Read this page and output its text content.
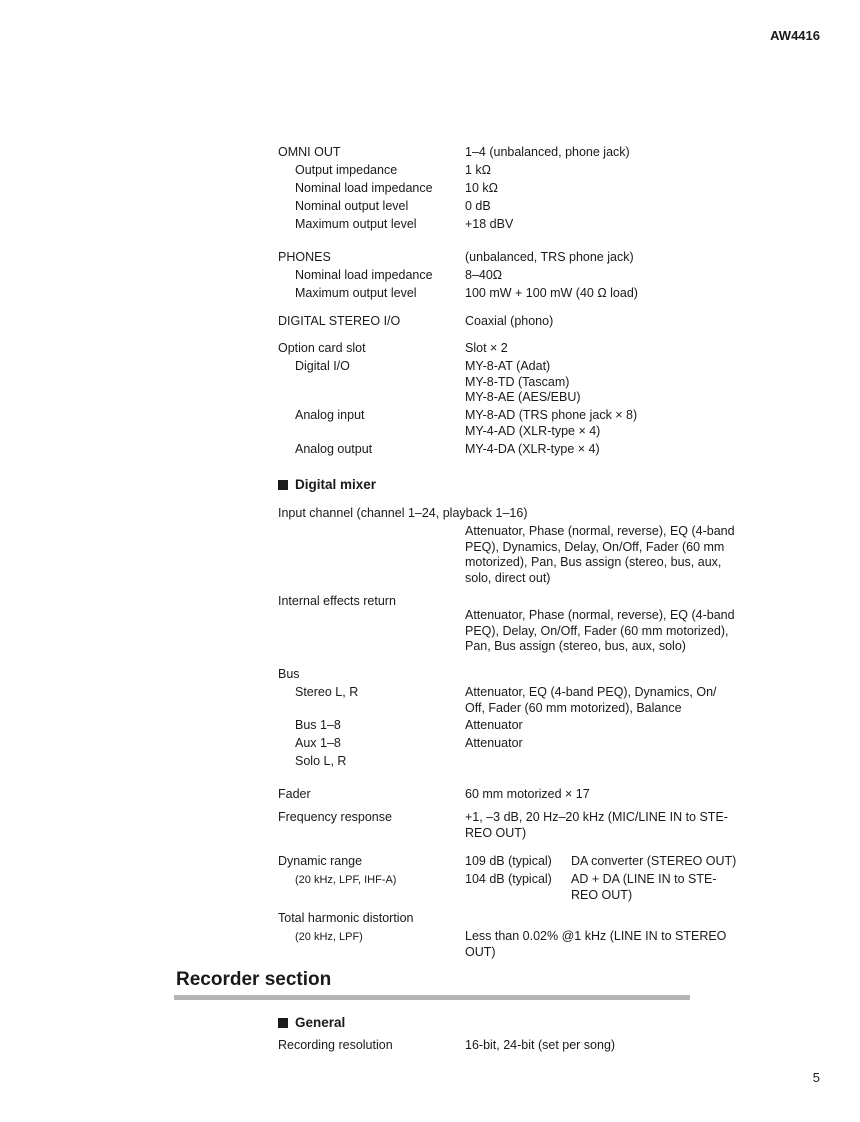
AW4416
OMNI OUT	1–4 (unbalanced, phone jack)
Output impedance	1 kΩ
Nominal load impedance	10 kΩ
Nominal output level	0 dB
Maximum output level	+18 dBV
PHONES	(unbalanced, TRS phone jack)
Nominal load impedance	8–40Ω
Maximum output level	100 mW + 100 mW (40 Ω load)
DIGITAL STEREO I/O	Coaxial (phono)
Option card slot	Slot × 2
Digital I/O	MY-8-AT (Adat)
MY-8-TD (Tascam)
MY-8-AE (AES/EBU)
Analog input	MY-8-AD (TRS phone jack × 8)
MY-4-AD (XLR-type × 4)
Analog output	MY-4-DA (XLR-type × 4)
Digital mixer
Input channel (channel 1–24, playback 1–16)
Attenuator, Phase (normal, reverse), EQ (4-band
PEQ), Dynamics, Delay, On/Off, Fader (60 mm
motorized), Pan, Bus assign (stereo, bus, aux,
solo, direct out)
Internal effects return
Attenuator, Phase (normal, reverse), EQ (4-band
PEQ), Delay, On/Off, Fader (60 mm motorized),
Pan, Bus assign (stereo, bus, aux, solo)
Bus
Stereo L, R	Attenuator, EQ (4-band PEQ), Dynamics, On/
Off, Fader (60 mm motorized), Balance
Bus 1–8	Attenuator
Aux 1–8	Attenuator
Solo L, R
Fader	60 mm motorized × 17
Frequency response	+1, –3 dB, 20 Hz–20 kHz (MIC/LINE IN to STE-
REO OUT)
Dynamic range	109 dB (typical) DA converter (STEREO OUT)
(20 kHz, LPF, IHF-A)	104 dB (typical) AD + DA (LINE IN to STE-
REO OUT)
Total harmonic distortion
(20 kHz, LPF)	Less than 0.02% @1 kHz (LINE IN to STEREO
OUT)
Recorder section
General
Recording resolution	16-bit, 24-bit (set per song)
5
